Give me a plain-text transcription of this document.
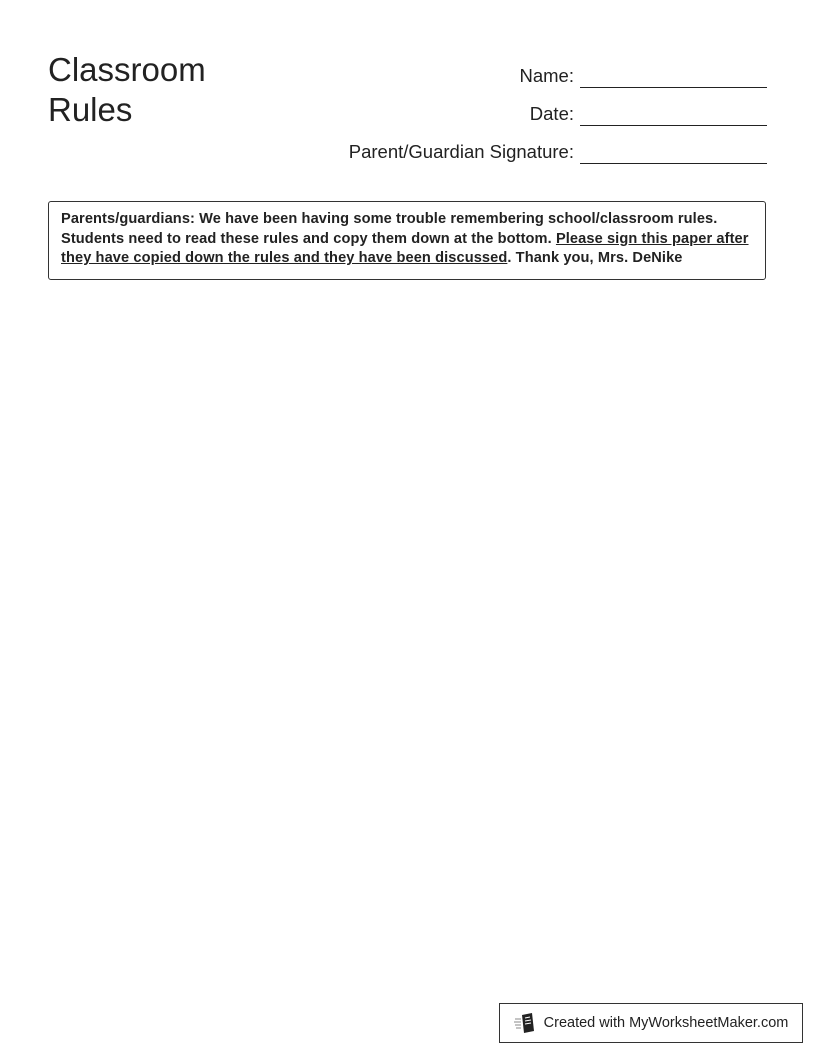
Classroom Rules
Name:
Date:
Parent/Guardian Signature:
Parents/guardians: We have been having some trouble remembering school/classroom rules. Students need to read these rules and copy them down at the bottom. Please sign this paper after they have copied down the rules and they have been discussed. Thank you, Mrs. DeNike
Created with MyWorksheetMaker.com
